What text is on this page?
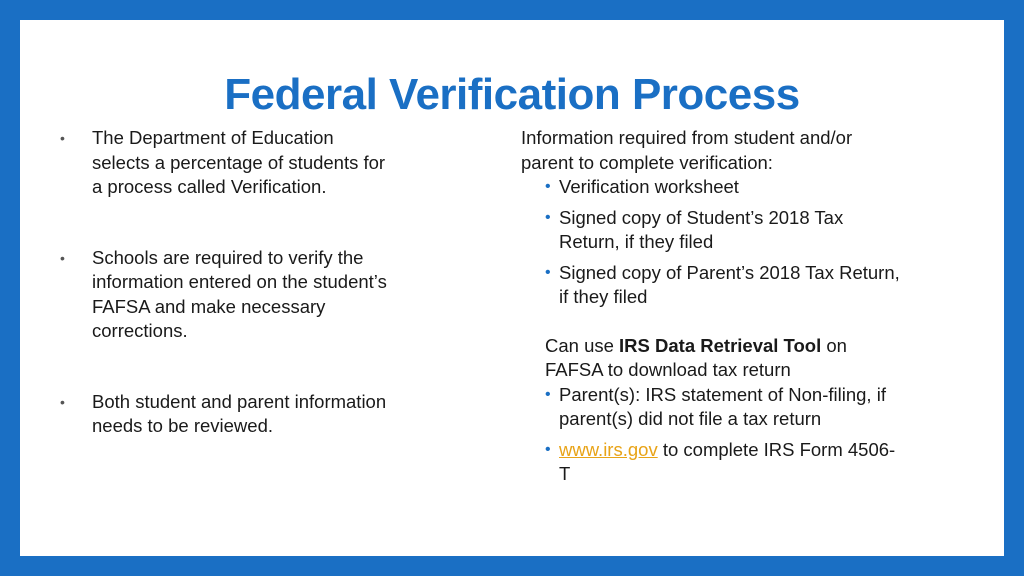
Federal Verification Process
• The Department of Education selects a percentage of students for a process called Verification.
• Schools are required to verify the information entered on the student’s FAFSA and make necessary corrections.
• Both student and parent information needs to be reviewed.
Information required from student and/or parent to complete verification:
• Verification worksheet
• Signed copy of Student’s 2018 Tax Return, if they filed
• Signed copy of Parent’s 2018 Tax Return, if they filed
Can use IRS Data Retrieval Tool on FAFSA to download tax return
• Parent(s): IRS statement of Non-filing, if parent(s) did not file a tax return
• www.irs.gov to complete IRS Form 4506-T
